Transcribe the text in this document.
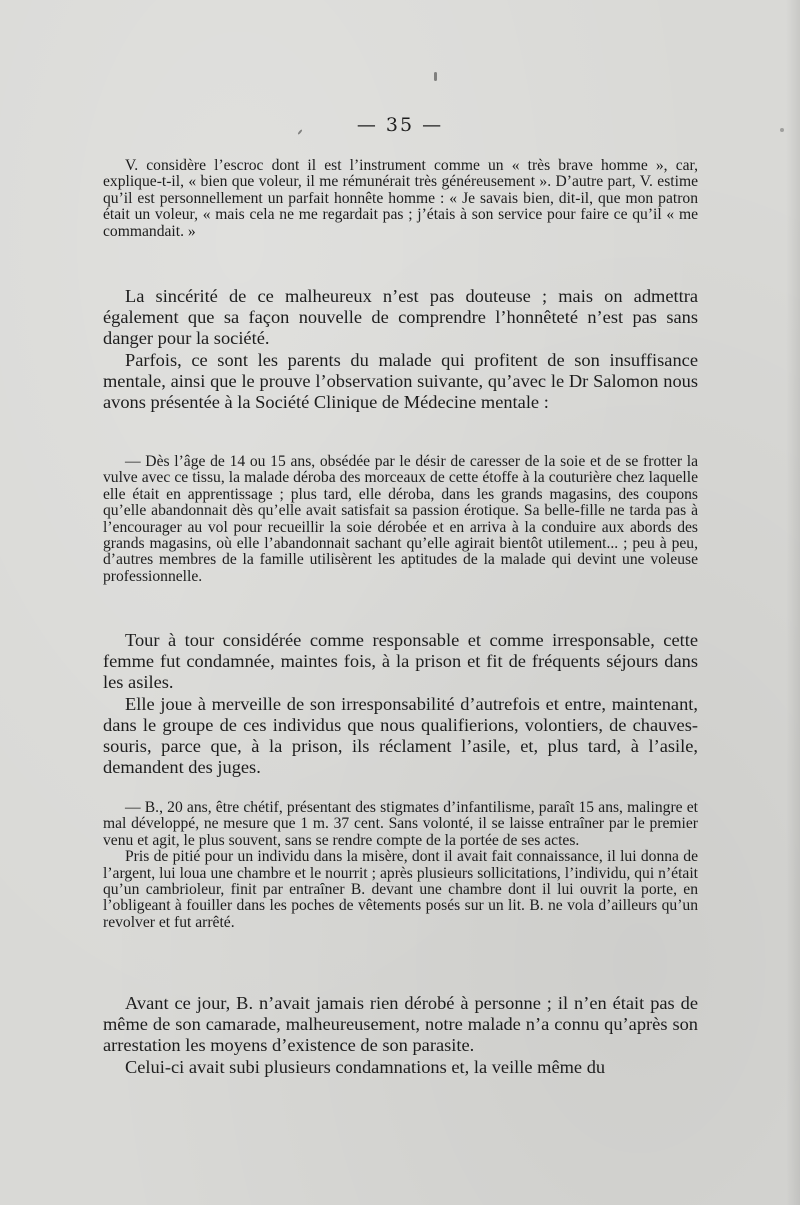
— 35 —

V. considère l’escroc dont il est l’instrument comme un « très brave homme », car, explique-t-il, « bien que voleur, il me rémunérait très généreusement ». D’autre part, V. estime qu’il est personnellement un parfait honnête homme : « Je savais bien, dit-il, que mon patron était un voleur, « mais cela ne me regardait pas ; j’étais à son service pour faire ce qu’il « me commandait. »

La sincérité de ce malheureux n’est pas douteuse ; mais on admettra également que sa façon nouvelle de comprendre l’honnêteté n’est pas sans danger pour la société.

Parfois, ce sont les parents du malade qui profitent de son insuffisance mentale, ainsi que le prouve l’observation suivante, qu’avec le Dr Salomon nous avons présentée à la Société Clinique de Médecine mentale :

— Dès l’âge de 14 ou 15 ans, obsédée par le désir de caresser de la soie et de se frotter la vulve avec ce tissu, la malade déroba des morceaux de cette étoffe à la couturière chez laquelle elle était en apprentissage ; plus tard, elle déroba, dans les grands magasins, des coupons qu’elle abandonnait dès qu’elle avait satisfait sa passion érotique. Sa belle-fille ne tarda pas à l’encourager au vol pour recueillir la soie dérobée et en arriva à la conduire aux abords des grands magasins, où elle l’abandonnait sachant qu’elle agirait bientôt utilement... ; peu à peu, d’autres membres de la famille utilisèrent les aptitudes de la malade qui devint une voleuse professionnelle.

Tour à tour considérée comme responsable et comme irresponsable, cette femme fut condamnée, maintes fois, à la prison et fit de fréquents séjours dans les asiles.

Elle joue à merveille de son irresponsabilité d’autrefois et entre, maintenant, dans le groupe de ces individus que nous qualifierions, volontiers, de chauves-souris, parce que, à la prison, ils réclament l’asile, et, plus tard, à l’asile, demandent des juges.

— B., 20 ans, être chétif, présentant des stigmates d’infantilisme, paraît 15 ans, malingre et mal développé, ne mesure que 1 m. 37 cent. Sans volonté, il se laisse entraîner par le premier venu et agit, le plus souvent, sans se rendre compte de la portée de ses actes.

Pris de pitié pour un individu dans la misère, dont il avait fait connaissance, il lui donna de l’argent, lui loua une chambre et le nourrit ; après plusieurs sollicitations, l’individu, qui n’était qu’un cambrioleur, finit par entraîner B. devant une chambre dont il lui ouvrit la porte, en l’obligeant à fouiller dans les poches de vêtements posés sur un lit. B. ne vola d’ailleurs qu’un revolver et fut arrêté.

Avant ce jour, B. n’avait jamais rien dérobé à personne ; il n’en était pas de même de son camarade, malheureusement, notre malade n’a connu qu’après son arrestation les moyens d’existence de son parasite.

Celui-ci avait subi plusieurs condamnations et, la veille même du
